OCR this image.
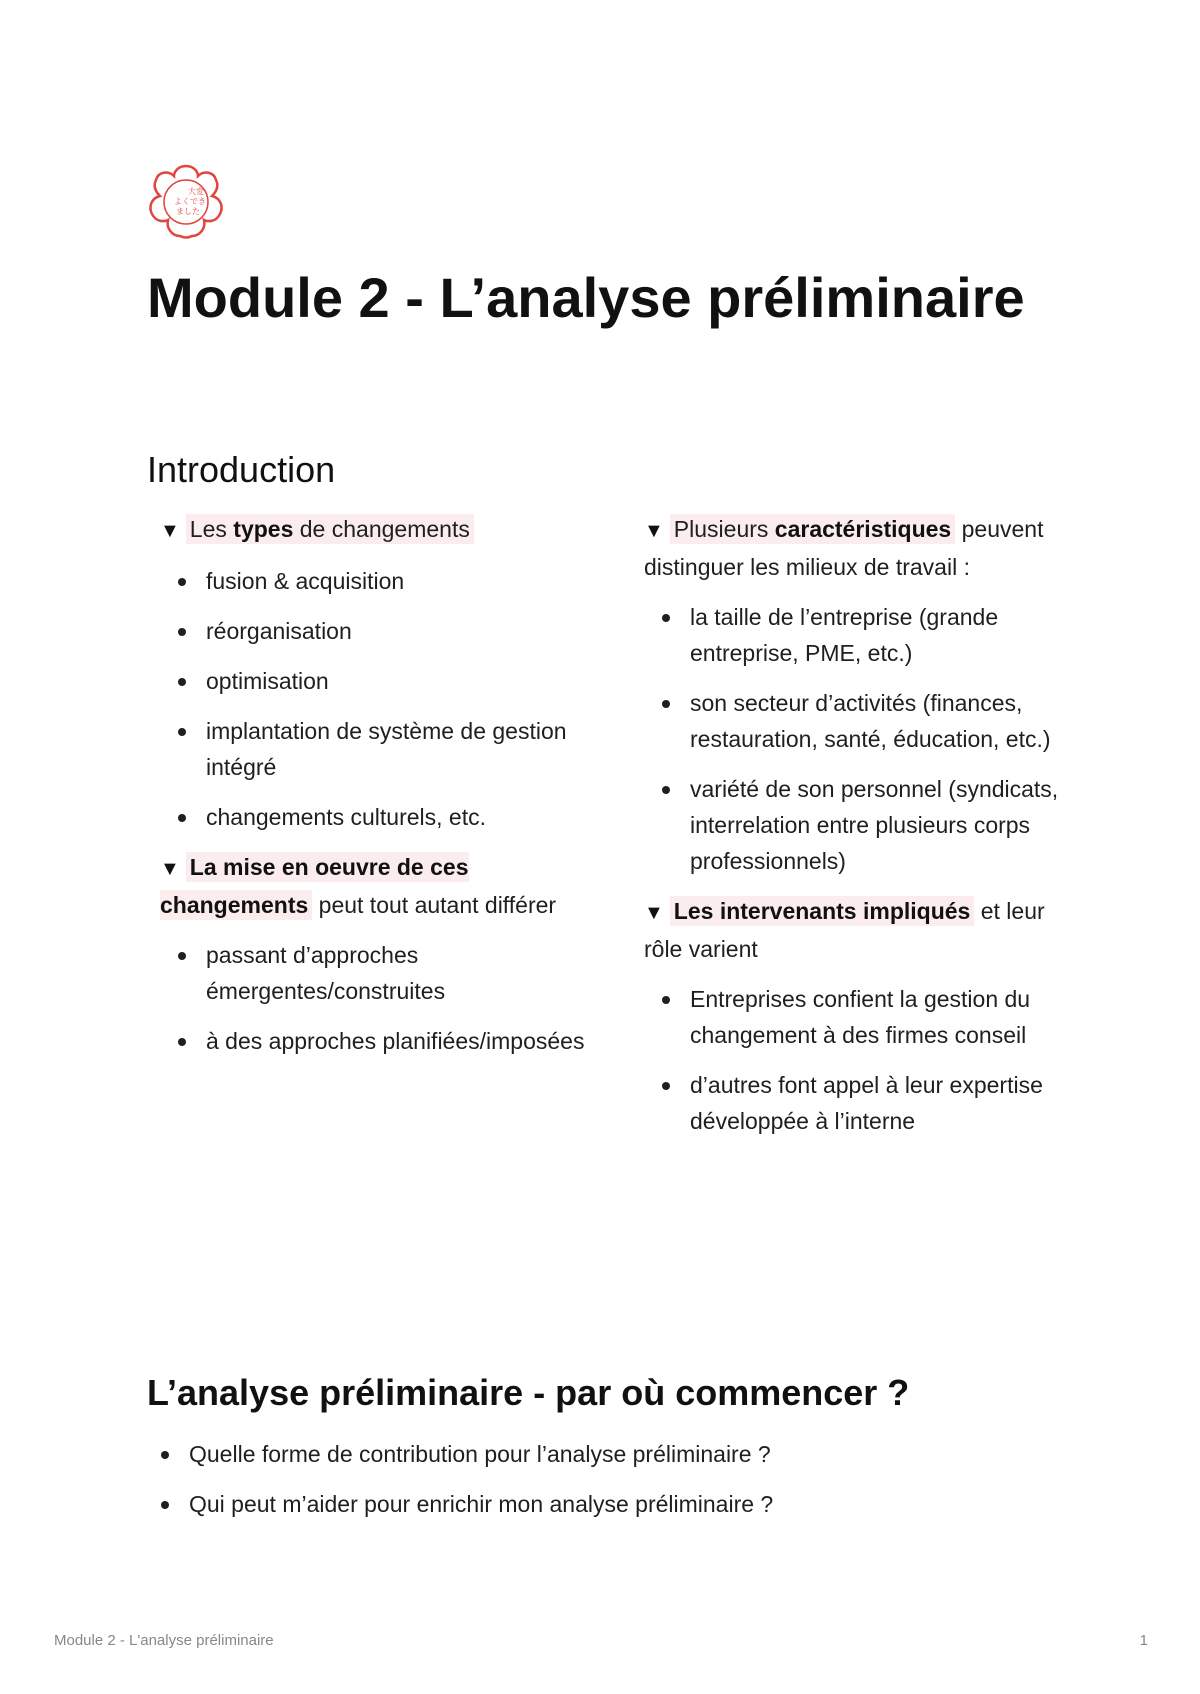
大変
よくでき
ました
Module 2 - L’analyse préliminaire
Introduction
▼ Les types de changements
fusion & acquisition
réorganisation
optimisation
implantation de système de gestion intégré
changements culturels, etc.
▼ La mise en oeuvre de ces changements peut tout autant différer
passant d’approches émergentes/construites
à des approches planifiées/imposées
▼ Plusieurs caractéristiques peuvent distinguer les milieux de travail :
la taille de l’entreprise (grande entreprise, PME, etc.)
son secteur d’activités (finances, restauration, santé, éducation, etc.)
variété de son personnel (syndicats, interrelation entre plusieurs corps professionnels)
▼ Les intervenants impliqués et leur rôle varient
Entreprises confient la gestion du changement à des firmes conseil
d’autres font appel à leur expertise développée à l’interne
L’analyse préliminaire - par où commencer ?
Quelle forme de contribution pour l’analyse préliminaire ?
Qui peut m’aider pour enrichir mon analyse préliminaire ?
Module 2 - L'analyse préliminaire	1
